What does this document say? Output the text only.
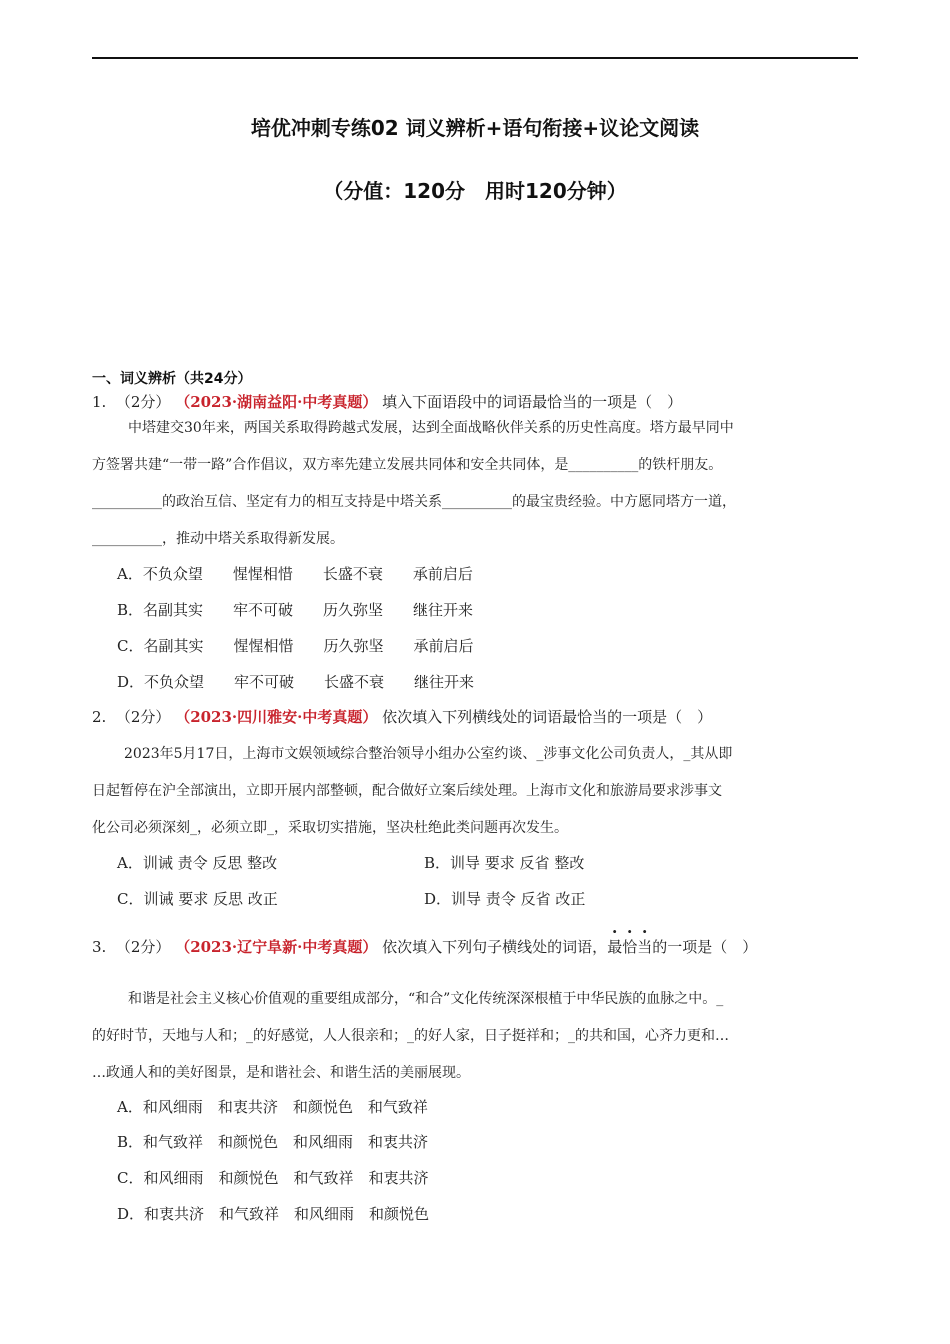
培优冲刺专练02 词义辨析+语句衔接+议论文阅读
（分值：120分　用时120分钟）
一、词义辨析（共24分）
1. （2分） （2023·湖南益阳·中考真题） 填入下面语段中的词语最恰当的一项是（　）
中塔建交30年来，两国关系取得跨越式发展，达到全面战略伙伴关系的历史性高度。塔方最早同中
方签署共建“一带一路”合作倡议，双方率先建立发展共同体和安全共同体，是__________的铁杆朋友。
__________的政治互信、坚定有力的相互支持是中塔关系__________的最宝贵经验。中方愿同塔方一道，
__________，推动中塔关系取得新发展。
A．不负众望　　惺惺相惜　　长盛不衰　　承前启后
B．名副其实　　牢不可破　　历久弥坚　　继往开来
C．名副其实　　惺惺相惜　　历久弥坚　　承前启后
D．不负众望　　牢不可破　　长盛不衰　　继往开来
2. （2分） （2023·四川雅安·中考真题） 依次填入下列横线处的词语最恰当的一项是（　）
2023年5月17日，上海市文娱领域综合整治领导小组办公室约谈、_涉事文化公司负责人，_其从即
日起暂停在沪全部演出，立即开展内部整顿，配合做好立案后续处理。上海市文化和旅游局要求涉事文
化公司必须深刻_，必须立即_，采取切实措施，坚决杜绝此类问题再次发生。
A．训诫 责令 反思 整改	B．训导 要求 反省 整改
C．训诫 要求 反思 改正	D．训导 责令 反省 改正
3. （2分） （2023·辽宁阜新·中考真题） 依次填入下列句子横线处的词语，最恰当的一项是（　）
和谐是社会主义核心价值观的重要组成部分，“和合”文化传统深深根植于中华民族的血脉之中。_
的好时节，天地与人和；_的好感觉，人人很亲和；_的好人家，日子挺祥和；_的共和国，心齐力更和…
…政通人和的美好图景，是和谐社会、和谐生活的美丽展现。
A．和风细雨　和衷共济　和颜悦色　和气致祥
B．和气致祥　和颜悦色　和风细雨　和衷共济
C．和风细雨　和颜悦色　和气致祥　和衷共济
D．和衷共济　和气致祥　和风细雨　和颜悦色
